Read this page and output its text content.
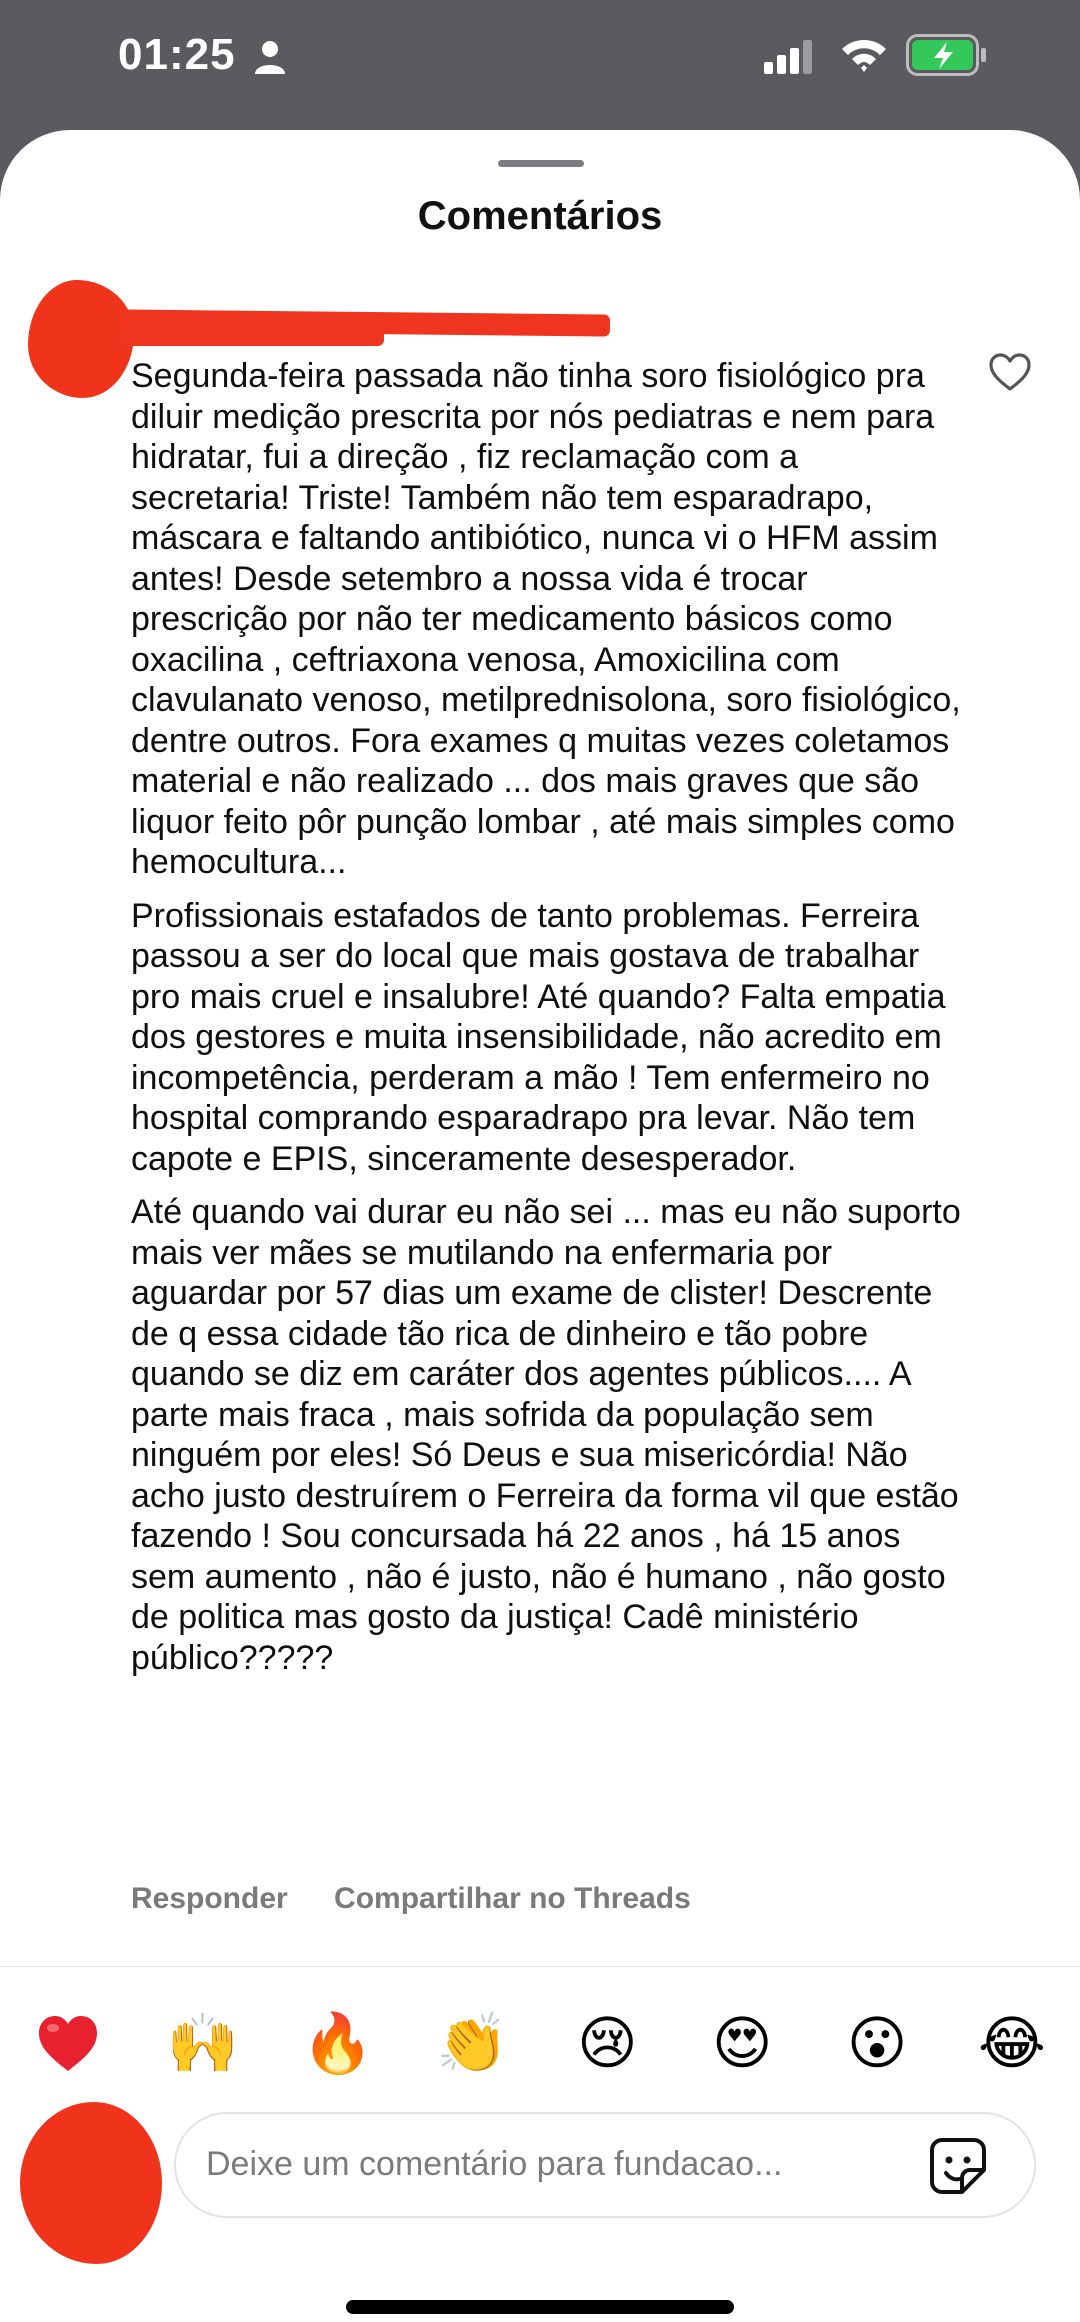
01:25
Comentários

Segunda-feira passada não tinha soro fisiológico pra diluir medição prescrita por nós pediatras e nem para hidratar, fui a direção , fiz reclamação com a secretaria! Triste! Também não tem esparadrapo, máscara e faltando antibiótico, nunca vi o HFM assim antes! Desde setembro a nossa vida é trocar prescrição por não ter medicamento básicos como oxacilina , ceftriaxona venosa, Amoxicilina com clavulanato venoso, metilprednisolona, soro fisiológico, dentre outros. Fora exames q muitas vezes coletamos material e não realizado ... dos mais graves que são liquor feito pôr punção lombar , até mais simples como hemocultura...

Profissionais estafados de tanto problemas. Ferreira passou a ser do local que mais gostava de trabalhar pro mais cruel e insalubre! Até quando? Falta empatia dos gestores e muita insensibilidade, não acredito em incompetência, perderam a mão ! Tem enfermeiro no hospital comprando esparadrapo pra levar. Não tem capote e EPIS, sinceramente desesperador.

Até quando vai durar eu não sei ... mas eu não suporto mais ver mães se mutilando na enfermaria por aguardar por 57 dias um exame de clister! Descrente de q essa cidade tão rica de dinheiro e tão pobre quando se diz em caráter dos agentes públicos.... A parte mais fraca , mais sofrida da população sem ninguém por eles! Só Deus e sua misericórdia! Não acho justo destruírem o Ferreira da forma vil que estão fazendo ! Sou concursada há 22 anos , há 15 anos sem aumento , não é justo, não é humano , não gosto de politica mas gosto da justiça! Cadê ministério público?????

Responder Compartilhar no Threads
🙌 🔥 👏 😢 😍 😮 😂
Deixe um comentário para fundacao...
